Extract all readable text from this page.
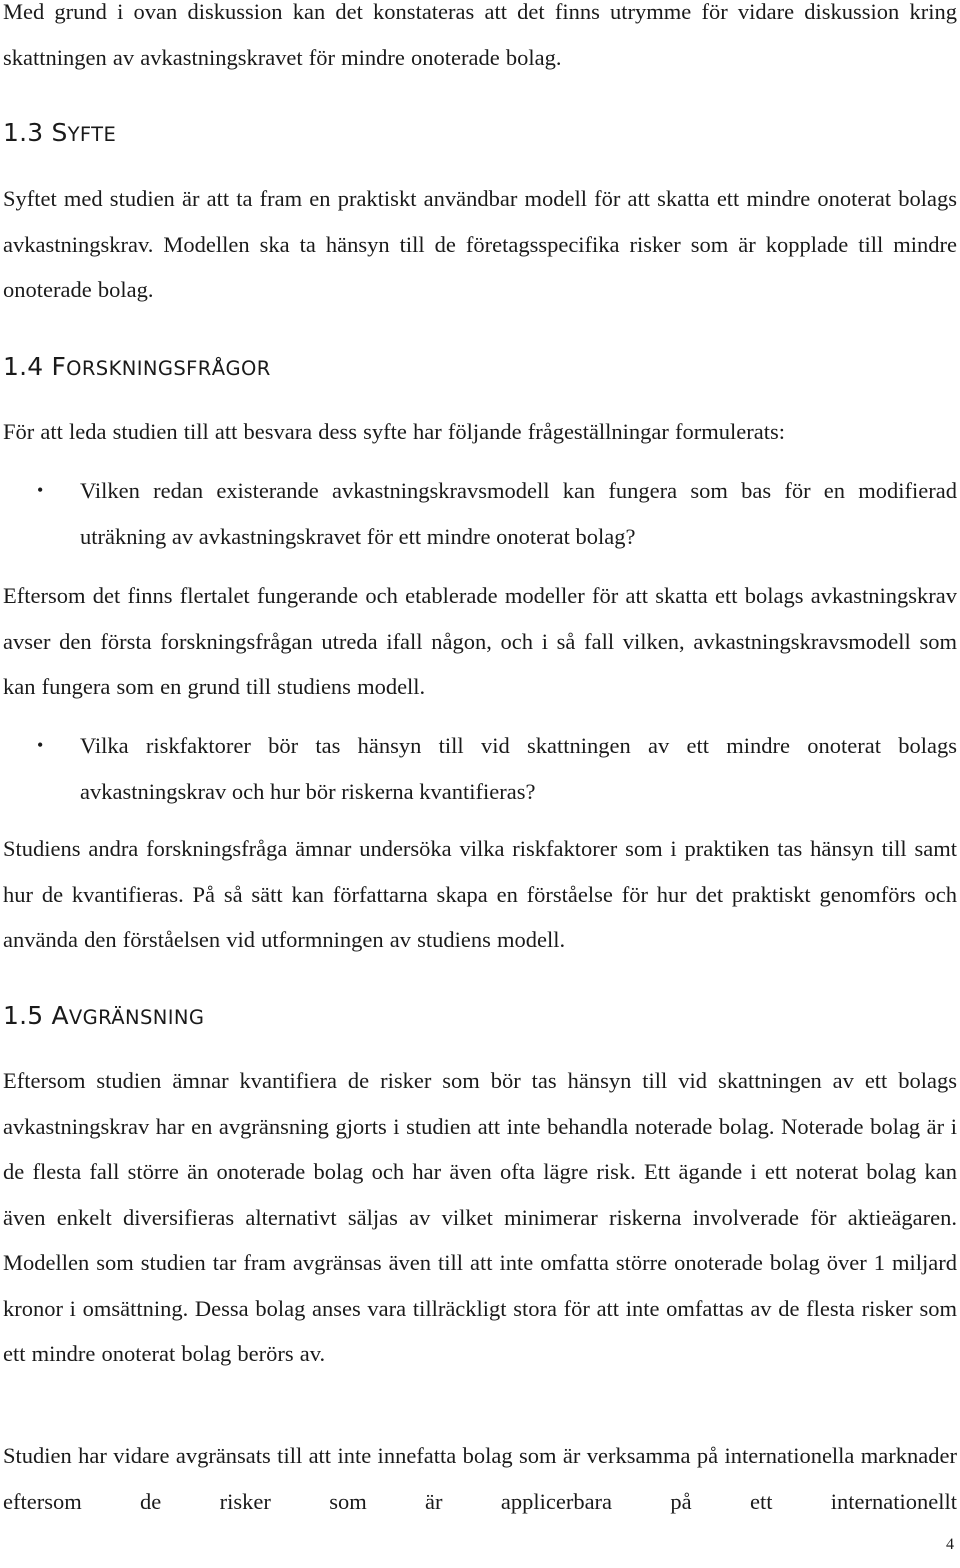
Med grund i ovan diskussion kan det konstateras att det finns utrymme för vidare diskussion kring skattningen av avkastningskravet för mindre onoterade bolag.

1.3 SYFTE

Syftet med studien är att ta fram en praktiskt användbar modell för att skatta ett mindre onoterat bolags avkastningskrav. Modellen ska ta hänsyn till de företagsspecifika risker som är kopplade till mindre onoterade bolag.

1.4 FORSKNINGSFRÅGOR

För att leda studien till att besvara dess syfte har följande frågeställningar formulerats:

• Vilken redan existerande avkastningskravsmodell kan fungera som bas för en modifierad uträkning av avkastningskravet för ett mindre onoterat bolag?

Eftersom det finns flertalet fungerande och etablerade modeller för att skatta ett bolags avkastningskrav avser den första forskningsfrågan utreda ifall någon, och i så fall vilken, avkastningskravsmodell som kan fungera som en grund till studiens modell.

• Vilka riskfaktorer bör tas hänsyn till vid skattningen av ett mindre onoterat bolags avkastningskrav och hur bör riskerna kvantifieras?

Studiens andra forskningsfråga ämnar undersöka vilka riskfaktorer som i praktiken tas hänsyn till samt hur de kvantifieras. På så sätt kan författarna skapa en förståelse för hur det praktiskt genomförs och använda den förståelsen vid utformningen av studiens modell.

1.5 AVGRÄNSNING

Eftersom studien ämnar kvantifiera de risker som bör tas hänsyn till vid skattningen av ett bolags avkastningskrav har en avgränsning gjorts i studien att inte behandla noterade bolag. Noterade bolag är i de flesta fall större än onoterade bolag och har även ofta lägre risk. Ett ägande i ett noterat bolag kan även enkelt diversifieras alternativt säljas av vilket minimerar riskerna involverade för aktieägaren. Modellen som studien tar fram avgränsas även till att inte omfatta större onoterade bolag över 1 miljard kronor i omsättning. Dessa bolag anses vara tillräckligt stora för att inte omfattas av de flesta risker som ett mindre onoterat bolag berörs av.

Studien har vidare avgränsats till att inte innefatta bolag som är verksamma på internationella marknader eftersom de risker som är applicerbara på ett internationellt

4
